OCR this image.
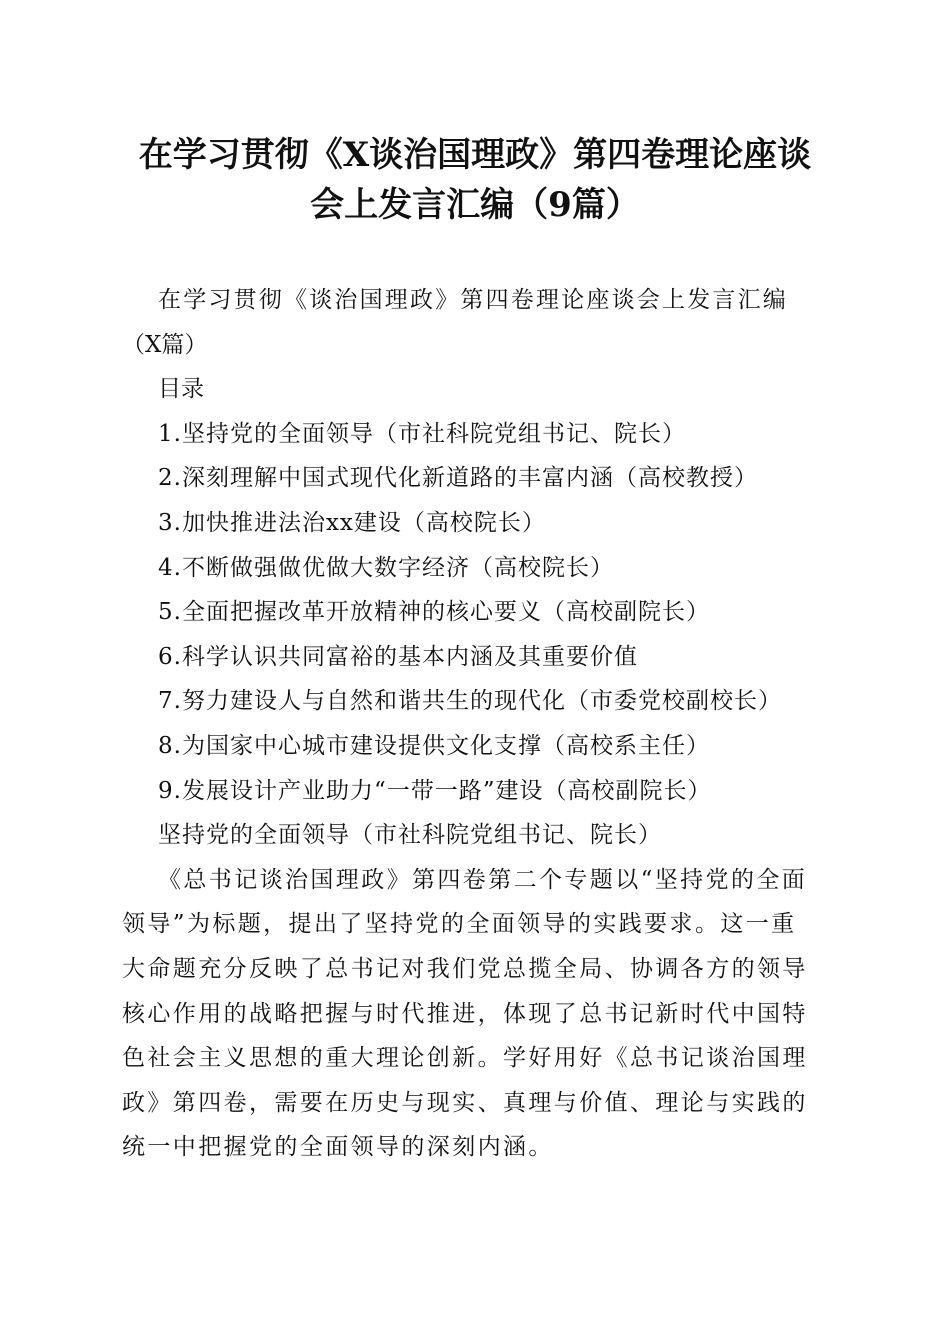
在学习贯彻《X谈治国理政》第四卷理论座谈
会上发言汇编（9篇）
在学习贯彻《谈治国理政》第四卷理论座谈会上发言汇编
（X篇）
目录
1.坚持党的全面领导（市社科院党组书记、院长）
2.深刻理解中国式现代化新道路的丰富内涵（高校教授）
3.加快推进法治xx建设（高校院长）
4.不断做强做优做大数字经济（高校院长）
5.全面把握改革开放精神的核心要义（高校副院长）
6.科学认识共同富裕的基本内涵及其重要价值
7.努力建设人与自然和谐共生的现代化（市委党校副校长）
8.为国家中心城市建设提供文化支撑（高校系主任）
9.发展设计产业助力“一带一路”建设（高校副院长）
坚持党的全面领导（市社科院党组书记、院长）
《总书记谈治国理政》第四卷第二个专题以“坚持党的全面
领导”为标题，提出了坚持党的全面领导的实践要求。这一重
大命题充分反映了总书记对我们党总揽全局、协调各方的领导
核心作用的战略把握与时代推进，体现了总书记新时代中国特
色社会主义思想的重大理论创新。学好用好《总书记谈治国理
政》第四卷，需要在历史与现实、真理与价值、理论与实践的
统一中把握党的全面领导的深刻内涵。
